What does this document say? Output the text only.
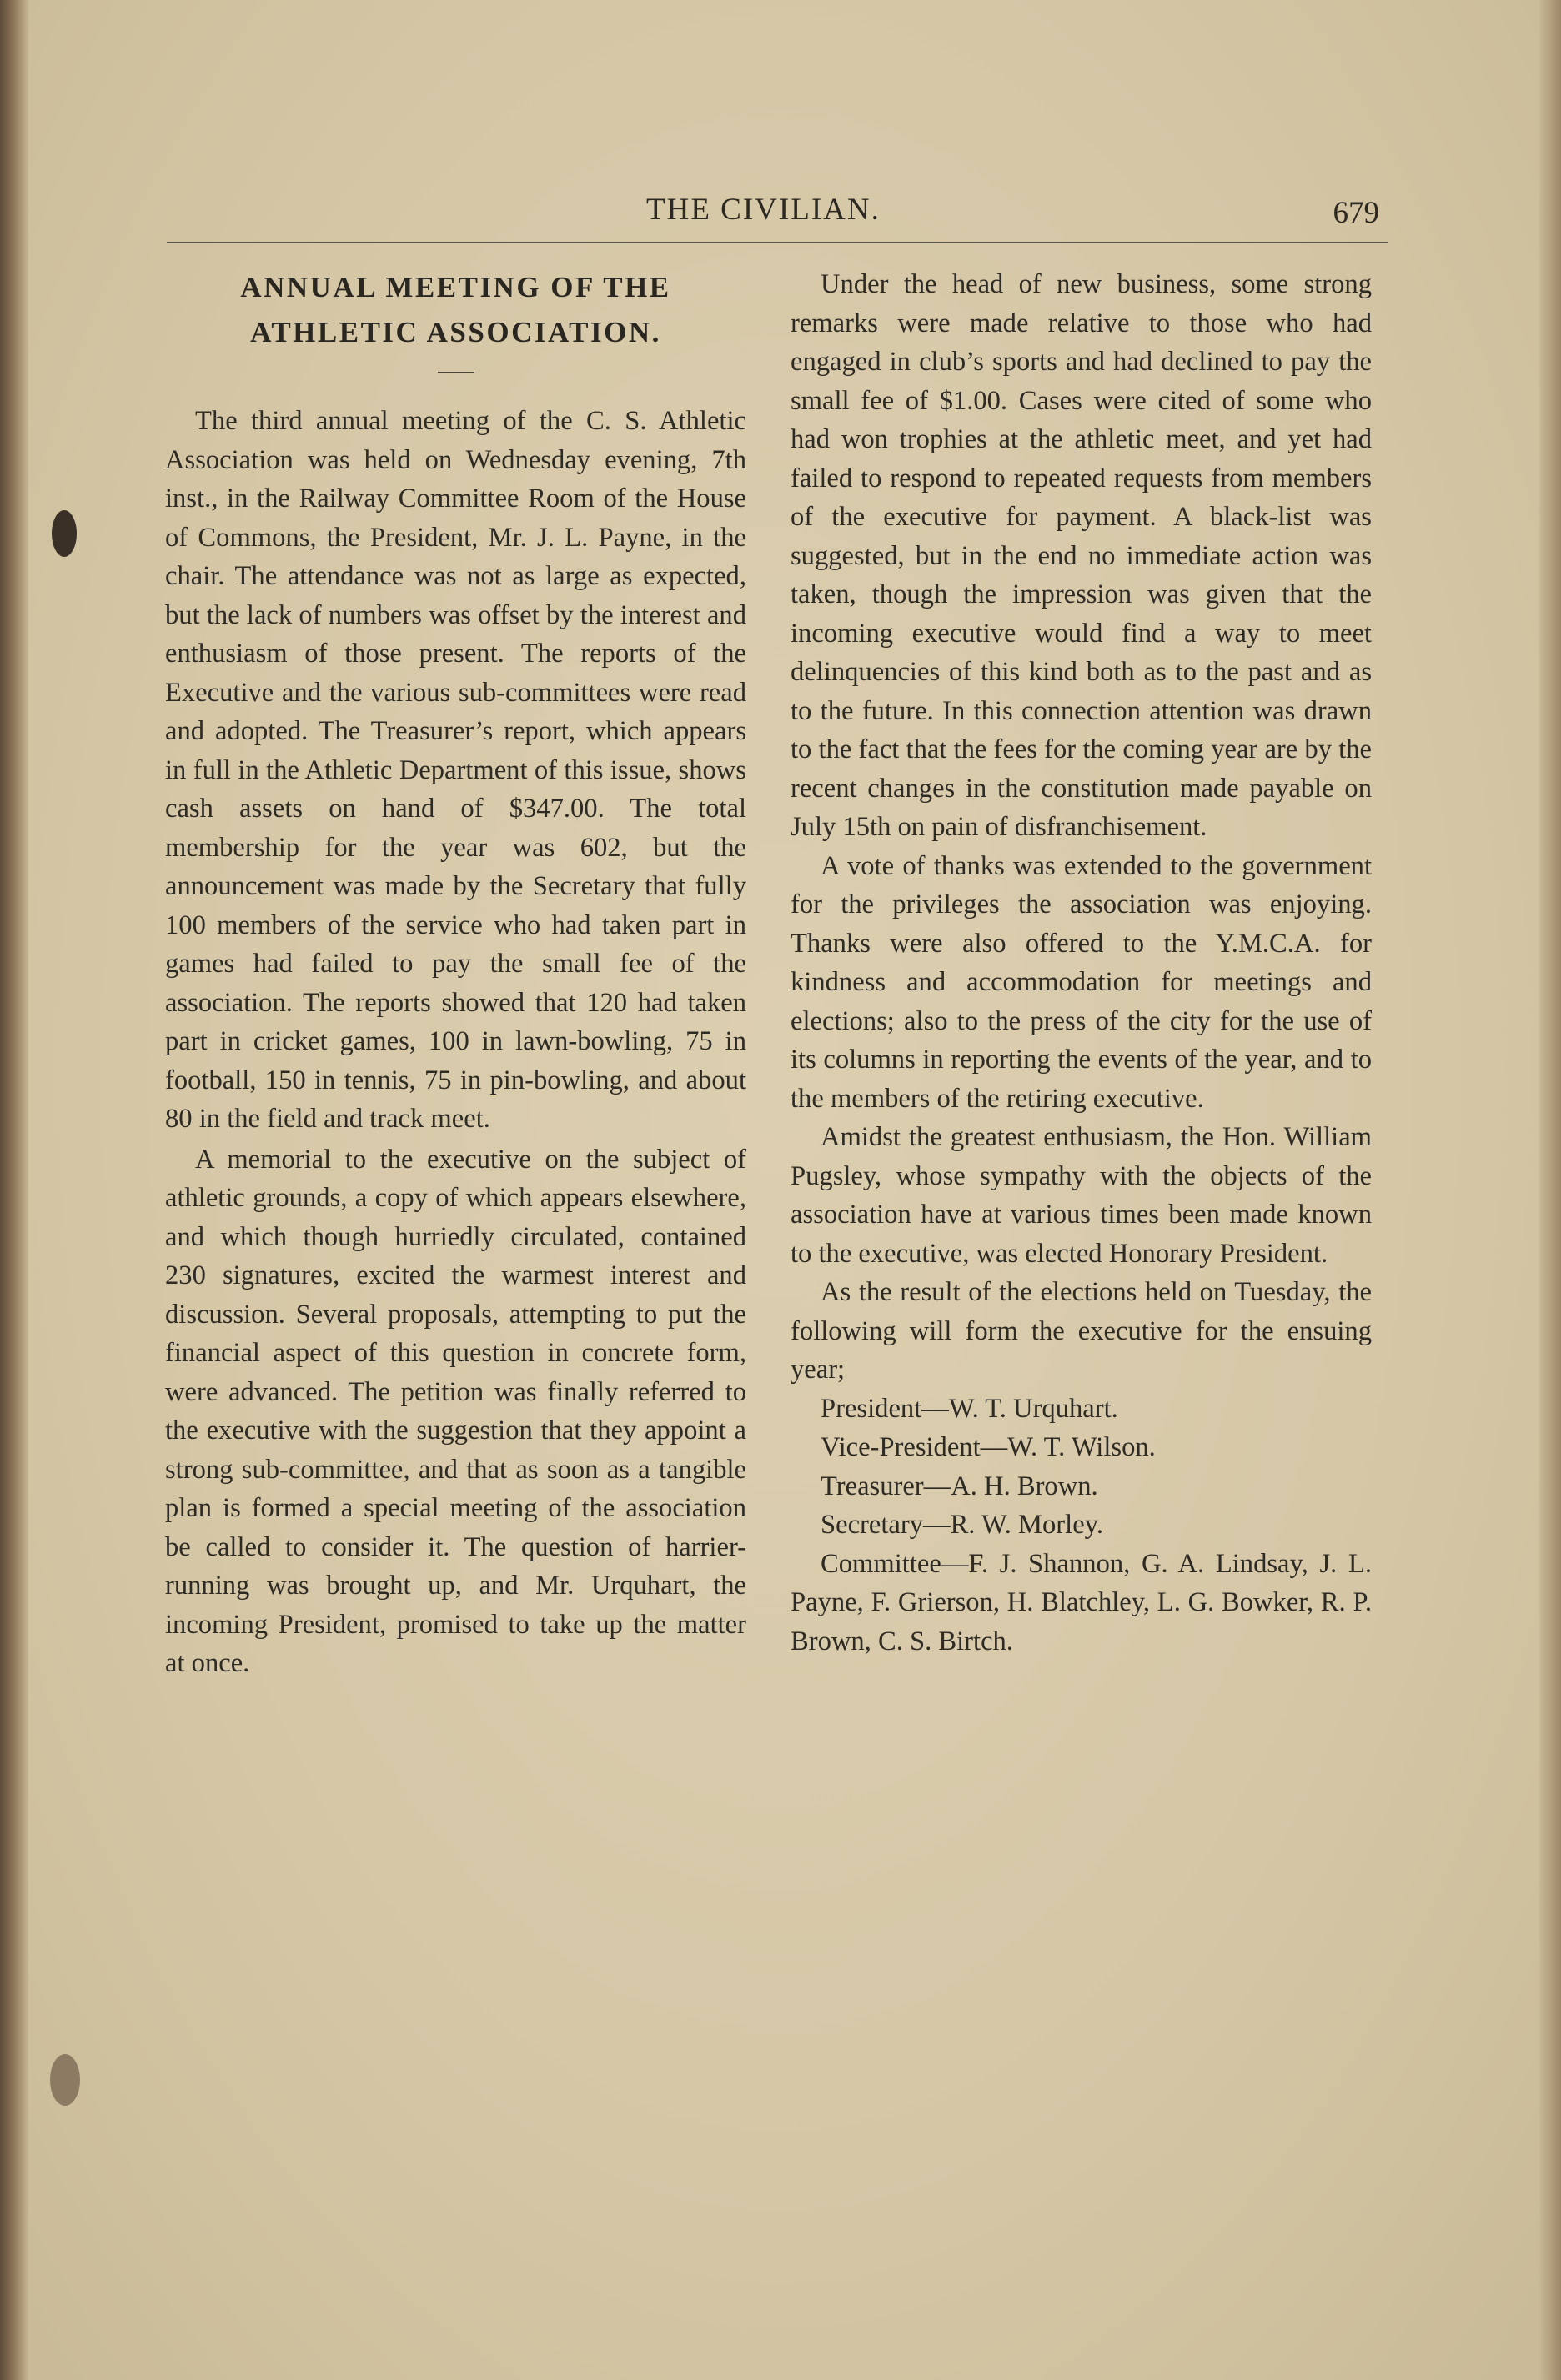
THE CIVILIAN.	679
ANNUAL MEETING OF THE
ATHLETIC ASSOCIATION.

The third annual meeting of the C. S. Athletic Association was held on Wednesday evening, 7th inst., in the Railway Committee Room of the House of Commons, the President, Mr. J. L. Payne, in the chair. The attendance was not as large as expected, but the lack of numbers was offset by the interest and enthusiasm of those present. The reports of the Executive and the various sub-committees were read and adopted. The Treasurer’s report, which appears in full in the Athletic Department of this issue, shows cash assets on hand of $347.00. The total membership for the year was 602, but the announcement was made by the Secretary that fully 100 members of the service who had taken part in games had failed to pay the small fee of the association. The reports showed that 120 had taken part in cricket games, 100 in lawn-bowling, 75 in football, 150 in tennis, 75 in pin-bowling, and about 80 in the field and track meet.

A memorial to the executive on the subject of athletic grounds, a copy of which appears elsewhere, and which though hurriedly circulated, contained 230 signatures, excited the warmest interest and discussion. Several proposals, attempting to put the financial aspect of this question in concrete form, were advanced. The petition was finally referred to the executive with the suggestion that they appoint a strong sub-committee, and that as soon as a tangible plan is formed a special meeting of the association be called to consider it. The question of harrier-running was brought up, and Mr. Urquhart, the incoming President, promised to take up the matter at once.

Under the head of new business, some strong remarks were made relative to those who had engaged in club’s sports and had declined to pay the small fee of $1.00. Cases were cited of some who had won trophies at the athletic meet, and yet had failed to respond to repeated requests from members of the executive for payment. A black-list was suggested, but in the end no immediate action was taken, though the impression was given that the incoming executive would find a way to meet delinquencies of this kind both as to the past and as to the future. In this connection attention was drawn to the fact that the fees for the coming year are by the recent changes in the constitution made payable on July 15th on pain of disfranchisement.

A vote of thanks was extended to the government for the privileges the association was enjoying. Thanks were also offered to the Y.M.C.A. for kindness and accommodation for meetings and elections; also to the press of the city for the use of its columns in reporting the events of the year, and to the members of the retiring executive.

Amidst the greatest enthusiasm, the Hon. William Pugsley, whose sympathy with the objects of the association have at various times been made known to the executive, was elected Honorary President.

As the result of the elections held on Tuesday, the following will form the executive for the ensuing year;

President—W. T. Urquhart.
Vice-President—W. T. Wilson.
Treasurer—A. H. Brown.
Secretary—R. W. Morley.

Committee—F. J. Shannon, G. A. Lindsay, J. L. Payne, F. Grierson, H. Blatchley, L. G. Bowker, R. P. Brown, C. S. Birtch.
